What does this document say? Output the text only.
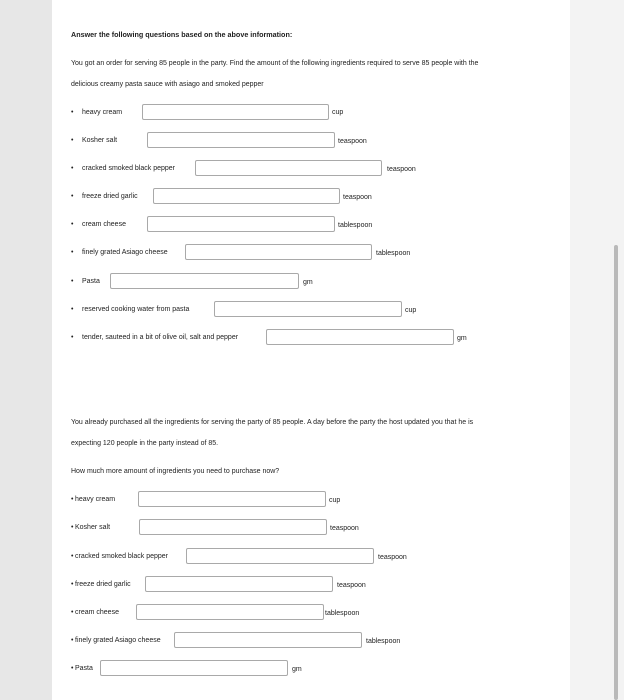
Answer the following questions based on the above information:
You got an order for serving 85 people in the party. Find the amount of the following ingredients required to serve 85 people with the
delicious creamy pasta sauce with asiago and smoked pepper
• heavy cream	cup
• Kosher salt	teaspoon
• cracked smoked black pepper	teaspoon
• freeze dried garlic	teaspoon
• cream cheese	tablespoon
• finely grated Asiago cheese	tablespoon
• Pasta	gm
• reserved cooking water from pasta	cup
• tender, sauteed in a bit of olive oil, salt and pepper	gm
You already purchased all the ingredients for serving the party of 85 people. A day before the party the host updated you that he is
expecting 120 people in the party instead of 85.
How much more amount of ingredients you need to purchase now?
• heavy cream	cup
• Kosher salt	teaspoon
• cracked smoked black pepper	teaspoon
• freeze dried garlic	teaspoon
• cream cheese	tablespoon
• finely grated Asiago cheese	tablespoon
• Pasta	gm
